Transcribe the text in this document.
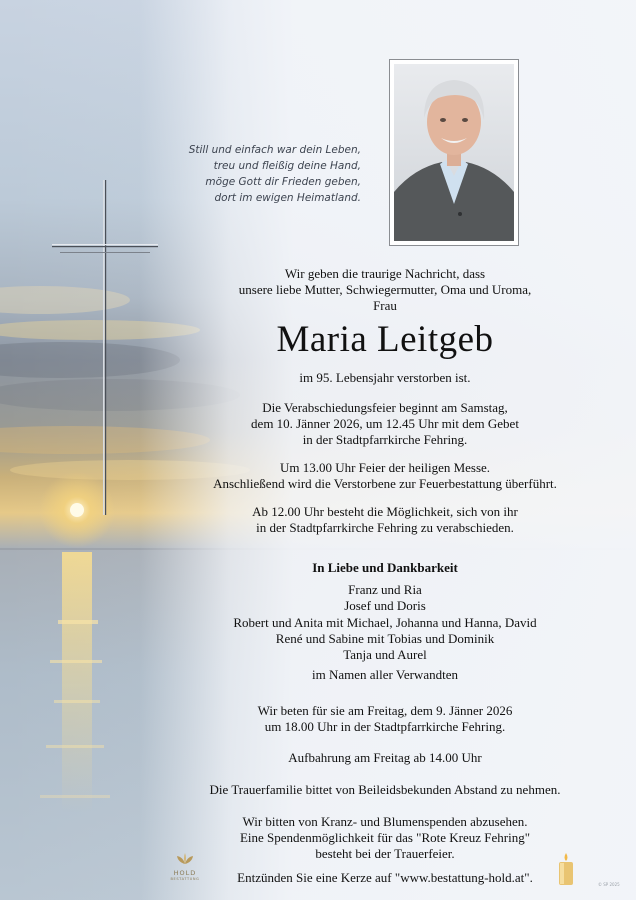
Still und einfach war dein Leben,
treu und fleißig deine Hand,
möge Gott dir Frieden geben,
dort im ewigen Heimatland.
Wir geben die traurige Nachricht, dass
unsere liebe Mutter, Schwiegermutter, Oma und Uroma,
Frau
Maria Leitgeb
im 95. Lebensjahr verstorben ist.
Die Verabschiedungsfeier beginnt am Samstag,
dem 10. Jänner 2026, um 12.45 Uhr mit dem Gebet
in der Stadtpfarrkirche Fehring.
Um 13.00 Uhr Feier der heiligen Messe.
Anschließend wird die Verstorbene zur Feuerbestattung überführt.
Ab 12.00 Uhr besteht die Möglichkeit, sich von ihr
in der Stadtpfarrkirche Fehring zu verabschieden.
In Liebe und Dankbarkeit
Franz und Ria
Josef und Doris
Robert und Anita mit Michael, Johanna und Hanna, David
René und Sabine mit Tobias und Dominik
Tanja und Aurel
im Namen aller Verwandten
Wir beten für sie am Freitag, dem 9. Jänner 2026
um 18.00 Uhr in der Stadtpfarrkirche Fehring.
Aufbahrung am Freitag ab 14.00 Uhr
Die Trauerfamilie bittet von Beileidsbekunden Abstand zu nehmen.
Wir bitten von Kranz- und Blumenspenden abzusehen.
Eine Spendenmöglichkeit für das "Rote Kreuz Fehring"
besteht bei der Trauerfeier.
Entzünden Sie eine Kerze auf "www.bestattung-hold.at".
HOLD
BESTATTUNG
© SP 2025
